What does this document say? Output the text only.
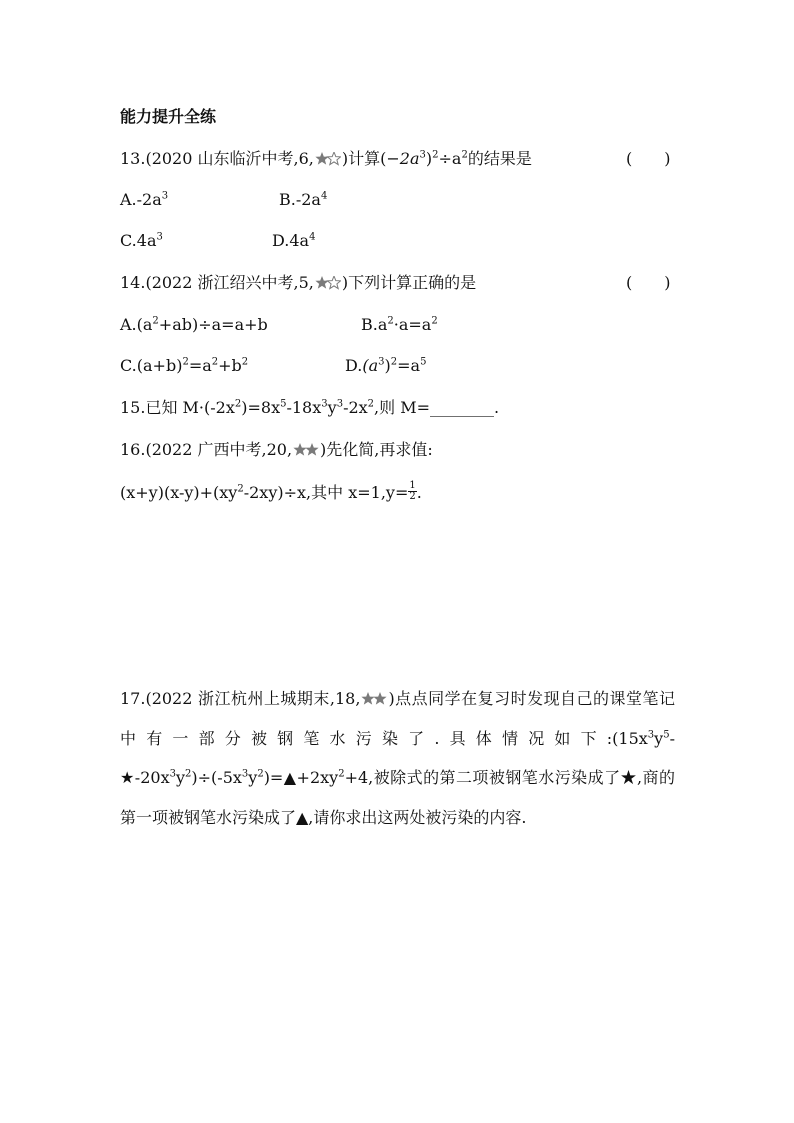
能力提升全练
13.(2020 山东临沂中考,6, )计算$(-2a^3)^2\div a^2$的结果是	(　　)
$A.-2a^3$	$B.-2a^4$
$C.4a^3$	$D.4a^4$
14.(2022 浙江绍兴中考,5, )下列计算正确的是	(　　)
$A.(a^2+ab)\div a=a+b$	$B.a^2\cdot a=a^2$
$C.(a+b)^2=a^2+b^2$	$D.(a^3)^2=a^5$
15.已知 $M\cdot(-2x^2)=8x^5-18x^3y^3-2x^2$,则 M=________.
16.(2022 广西中考,20, )先化简,再求值:
$(x+y)(x-y)+(xy^2-2xy)\div x$,其中 $x=1,y= \frac{1}{2}$ .
17.(2022 浙江杭州上城期末,18, )点点同学在复习时发现自己的课堂笔记中有一部分被钢笔水污染了.具体情况如下$:(15x^3y^5-★-20x^3y^2)\div(-5x^3y^2)=▲+2xy^2+4$,被除式的第二项被钢笔水污染成了★,商的第一项被钢笔水污染成了▲,请你求出这两处被污染的内容.
